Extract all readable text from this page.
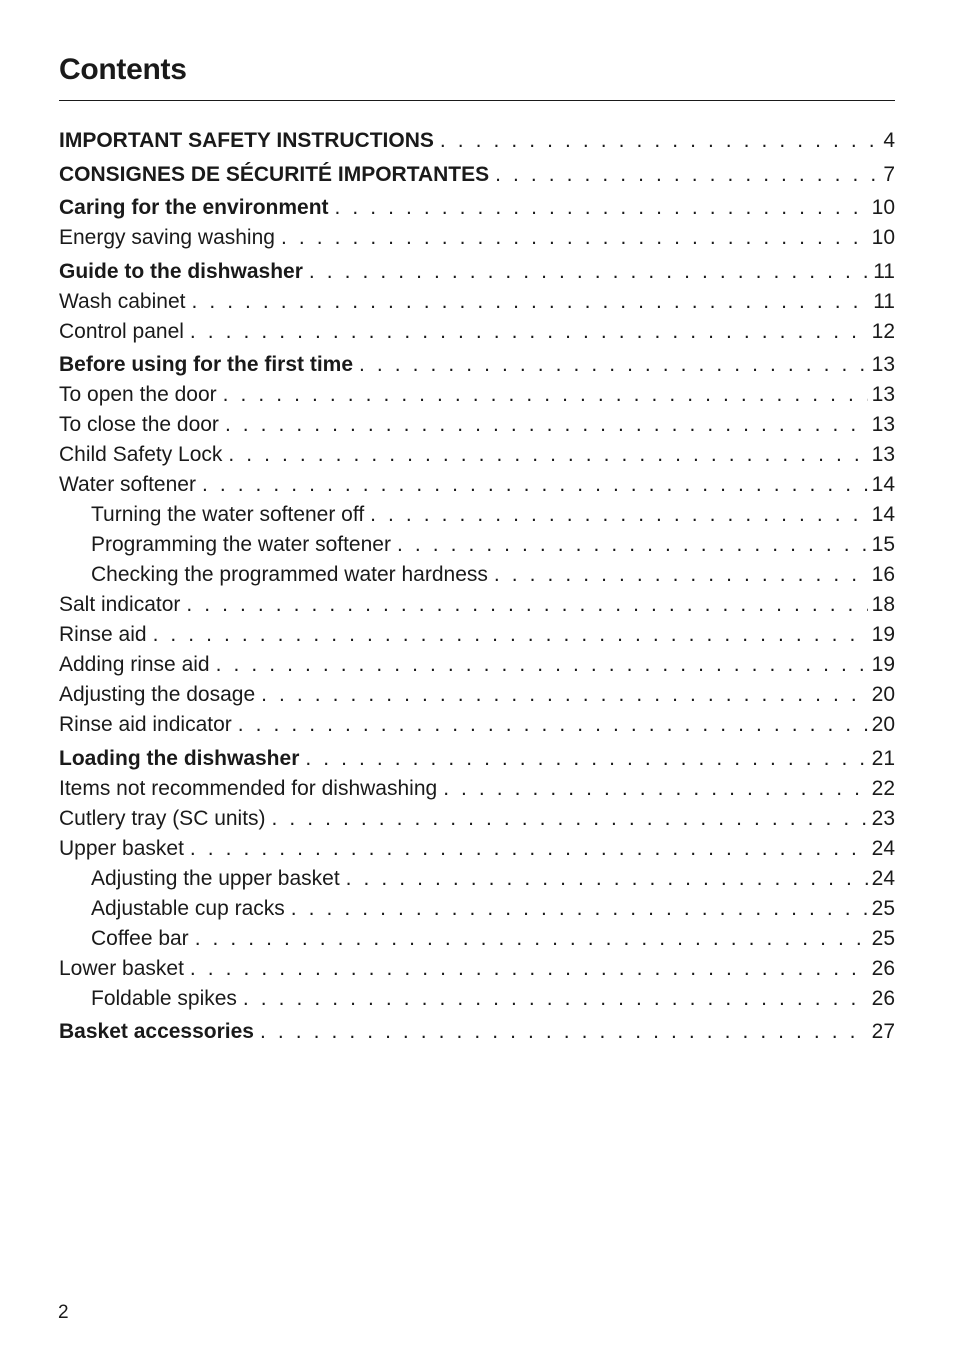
Contents
IMPORTANT SAFETY INSTRUCTIONS . . .	4
CONSIGNES DE SÉCURITÉ IMPORTANTES . . .	7
Caring for the environment . . .	10
Energy saving washing . . .	10
Guide to the dishwasher . . .	11
Wash cabinet . . .	11
Control panel . . .	12
Before using for the first time . . .	13
To open the door . . .	13
To close the door . . .	13
Child Safety Lock . . .	13
Water softener . . .	14
Turning the water softener off . . .	14
Programming the water softener . . .	15
Checking the programmed water hardness . . .	16
Salt indicator . . .	18
Rinse aid . . .	19
Adding rinse aid . . .	19
Adjusting the dosage . . .	20
Rinse aid indicator . . .	20
Loading the dishwasher . . .	21
Items not recommended for dishwashing . . .	22
Cutlery tray (SC units) . . .	23
Upper basket . . .	24
Adjusting the upper basket . . .	24
Adjustable cup racks . . .	25
Coffee bar . . .	25
Lower basket . . .	26
Foldable spikes . . .	26
Basket accessories . . .	27
2
